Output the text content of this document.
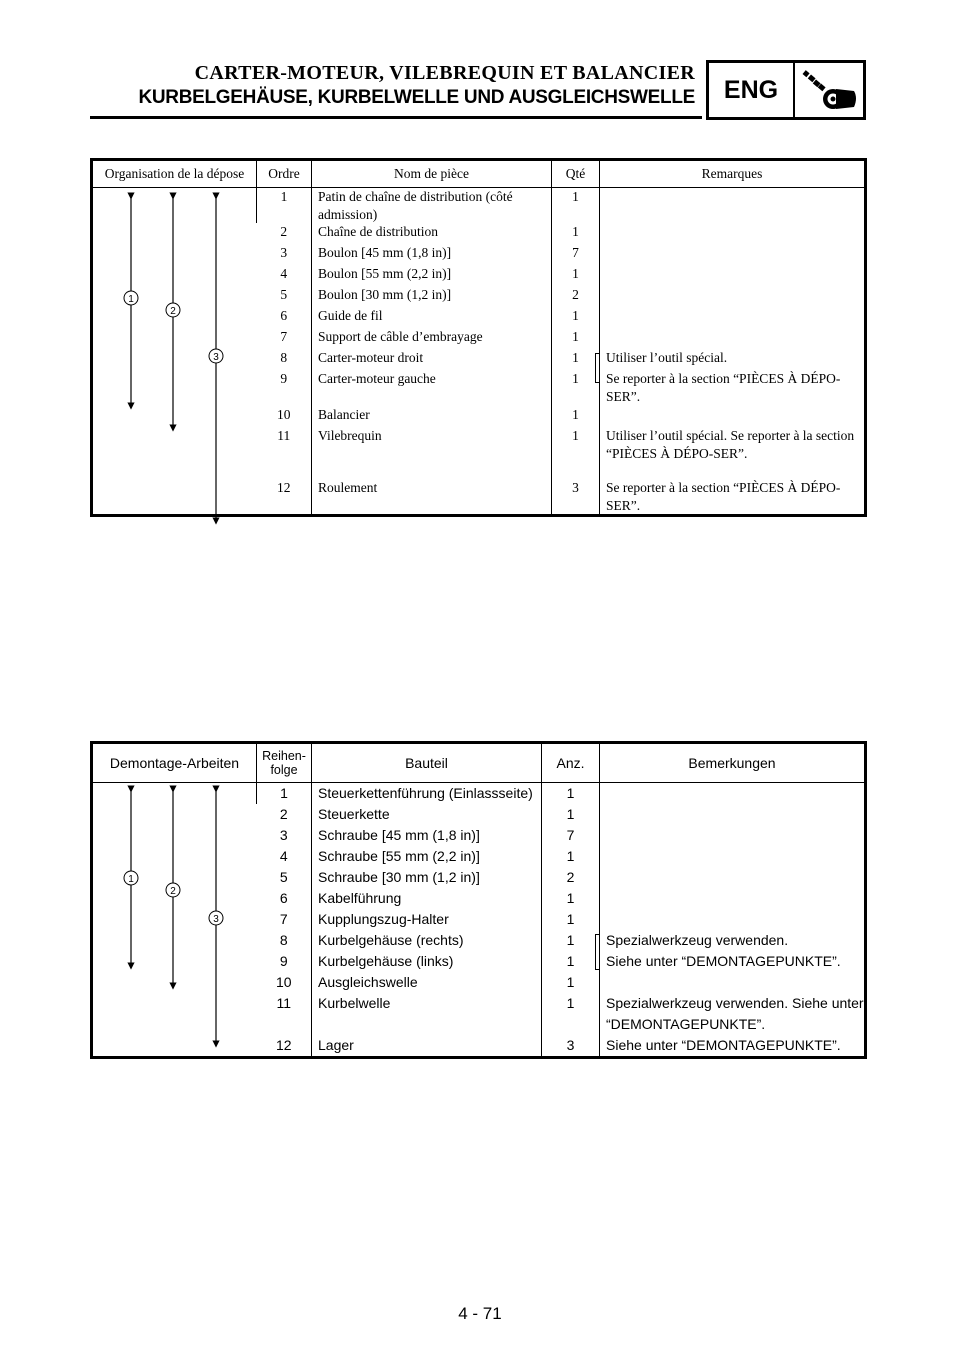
CARTER-MOTEUR, VILEBREQUIN ET BALANCIER
KURBELGEHÄUSE, KURBELWELLE UND AUSGLEICHSWELLE	ENG
Organisation de la dépose	Ordre	Nom de pièce	Qté	Remarques

1
2
3	1	Patin de chaîne de distribution (côté admission)	1	
	2	Chaîne de distribution	1	
	3	Boulon [45 mm (1,8 in)]	7	
	4	Boulon [55 mm (2,2 in)]	1	
	5	Boulon [30 mm (1,2 in)]	2	
	6	Guide de fil	1	
	7	Support de câble d’embrayage	1	
	8	Carter-moteur droit	1	Utiliser l’outil spécial.
	9	Carter-moteur gauche	1	Se reporter à la section “PIÈCES À DÉPO-SER”.
	10	Balancier	1	
	11	Vilebrequin	1	Utiliser l’outil spécial. Se reporter à la section “PIÈCES À DÉPO-SER”.
	12	Roulement	3	Se reporter à la section “PIÈCES À DÉPO-SER”.
Demontage-Arbeiten	Reihen-folge	Bauteil	Anz.	Bemerkungen

1
2
3	1	Steuerkettenführung (Einlassseite)	1	
	2	Steuerkette	1	
	3	Schraube [45 mm (1,8 in)]	7	
	4	Schraube [55 mm (2,2 in)]	1	
	5	Schraube [30 mm (1,2 in)]	2	
	6	Kabelführung	1	
	7	Kupplungszug-Halter	1	
	8	Kurbelgehäuse (rechts)	1	Spezialwerkzeug verwenden.
	9	Kurbelgehäuse (links)	1	Siehe unter “DEMONTAGEPUNKTE”.
	10	Ausgleichswelle	1	
	11	Kurbelwelle	1	Spezialwerkzeug verwenden. Siehe unter “DEMONTAGEPUNKTE”.
	12	Lager	3	Siehe unter “DEMONTAGEPUNKTE”.
4 - 71
